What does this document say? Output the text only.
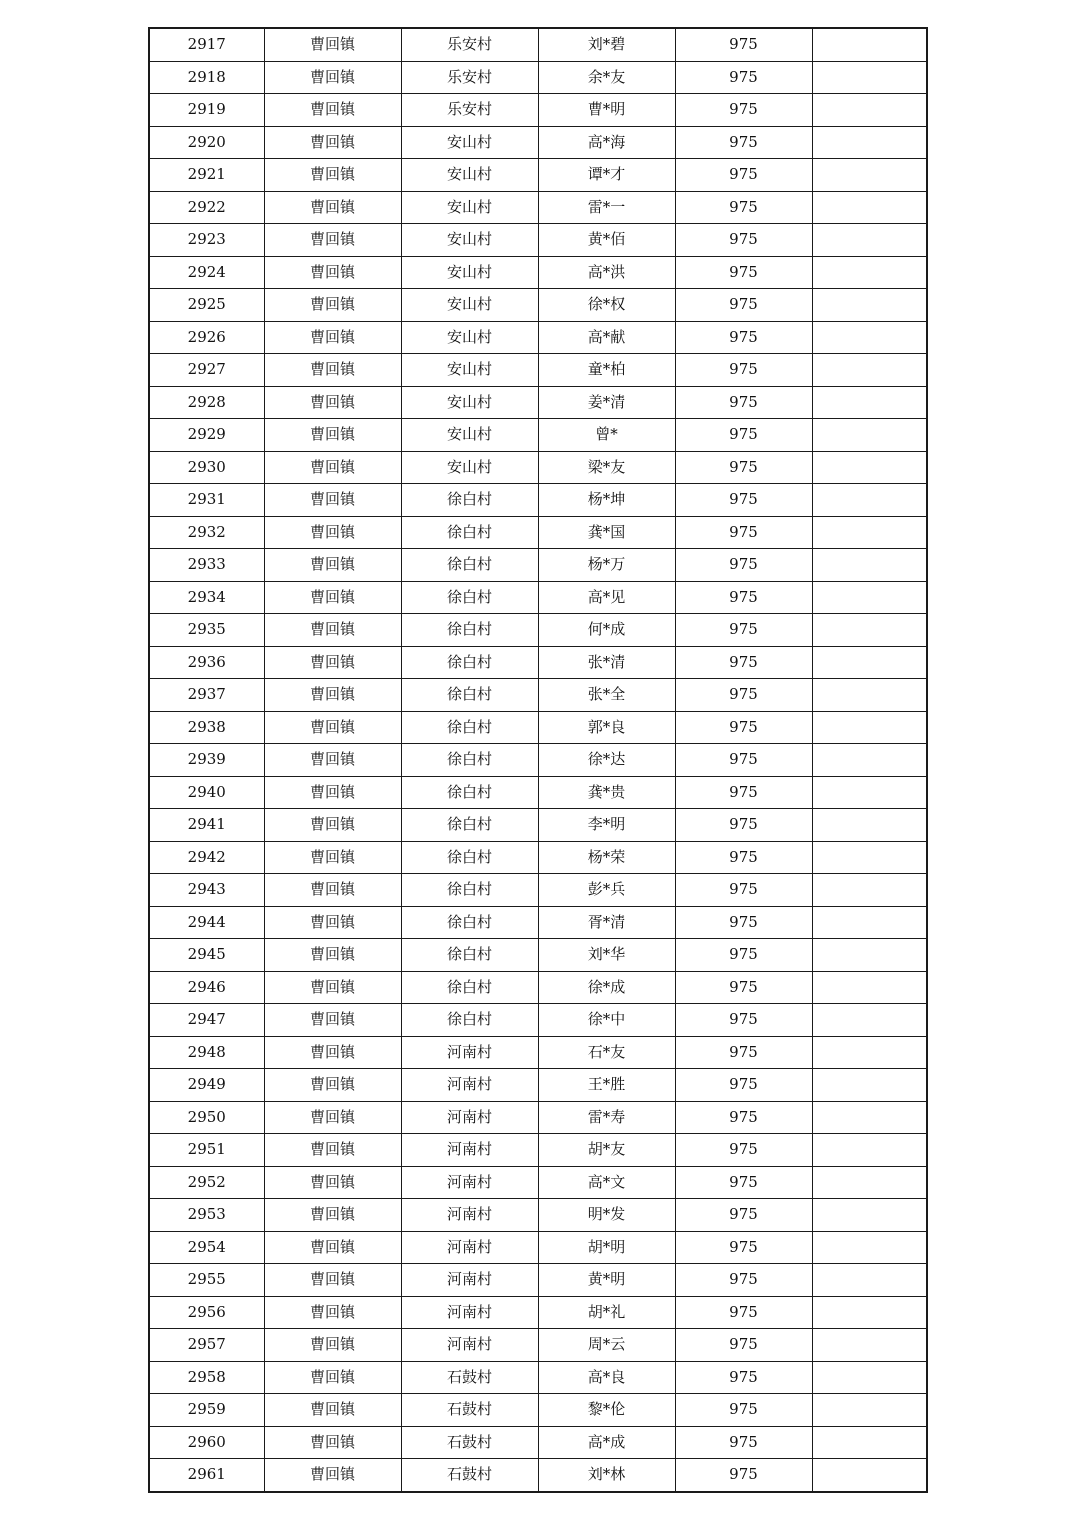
2917	曹回镇	乐安村	刘*碧	975	
2918	曹回镇	乐安村	余*友	975	
2919	曹回镇	乐安村	曹*明	975	
2920	曹回镇	安山村	高*海	975	
2921	曹回镇	安山村	谭*才	975	
2922	曹回镇	安山村	雷*一	975	
2923	曹回镇	安山村	黄*佰	975	
2924	曹回镇	安山村	高*洪	975	
2925	曹回镇	安山村	徐*权	975	
2926	曹回镇	安山村	高*献	975	
2927	曹回镇	安山村	童*柏	975	
2928	曹回镇	安山村	姜*清	975	
2929	曹回镇	安山村	曾*	975	
2930	曹回镇	安山村	梁*友	975	
2931	曹回镇	徐白村	杨*坤	975	
2932	曹回镇	徐白村	龚*国	975	
2933	曹回镇	徐白村	杨*万	975	
2934	曹回镇	徐白村	高*见	975	
2935	曹回镇	徐白村	何*成	975	
2936	曹回镇	徐白村	张*清	975	
2937	曹回镇	徐白村	张*全	975	
2938	曹回镇	徐白村	郭*良	975	
2939	曹回镇	徐白村	徐*达	975	
2940	曹回镇	徐白村	龚*贵	975	
2941	曹回镇	徐白村	李*明	975	
2942	曹回镇	徐白村	杨*荣	975	
2943	曹回镇	徐白村	彭*兵	975	
2944	曹回镇	徐白村	胥*清	975	
2945	曹回镇	徐白村	刘*华	975	
2946	曹回镇	徐白村	徐*成	975	
2947	曹回镇	徐白村	徐*中	975	
2948	曹回镇	河南村	石*友	975	
2949	曹回镇	河南村	王*胜	975	
2950	曹回镇	河南村	雷*寿	975	
2951	曹回镇	河南村	胡*友	975	
2952	曹回镇	河南村	高*文	975	
2953	曹回镇	河南村	明*发	975	
2954	曹回镇	河南村	胡*明	975	
2955	曹回镇	河南村	黄*明	975	
2956	曹回镇	河南村	胡*礼	975	
2957	曹回镇	河南村	周*云	975	
2958	曹回镇	石鼓村	高*良	975	
2959	曹回镇	石鼓村	黎*伦	975	
2960	曹回镇	石鼓村	高*成	975	
2961	曹回镇	石鼓村	刘*林	975	
